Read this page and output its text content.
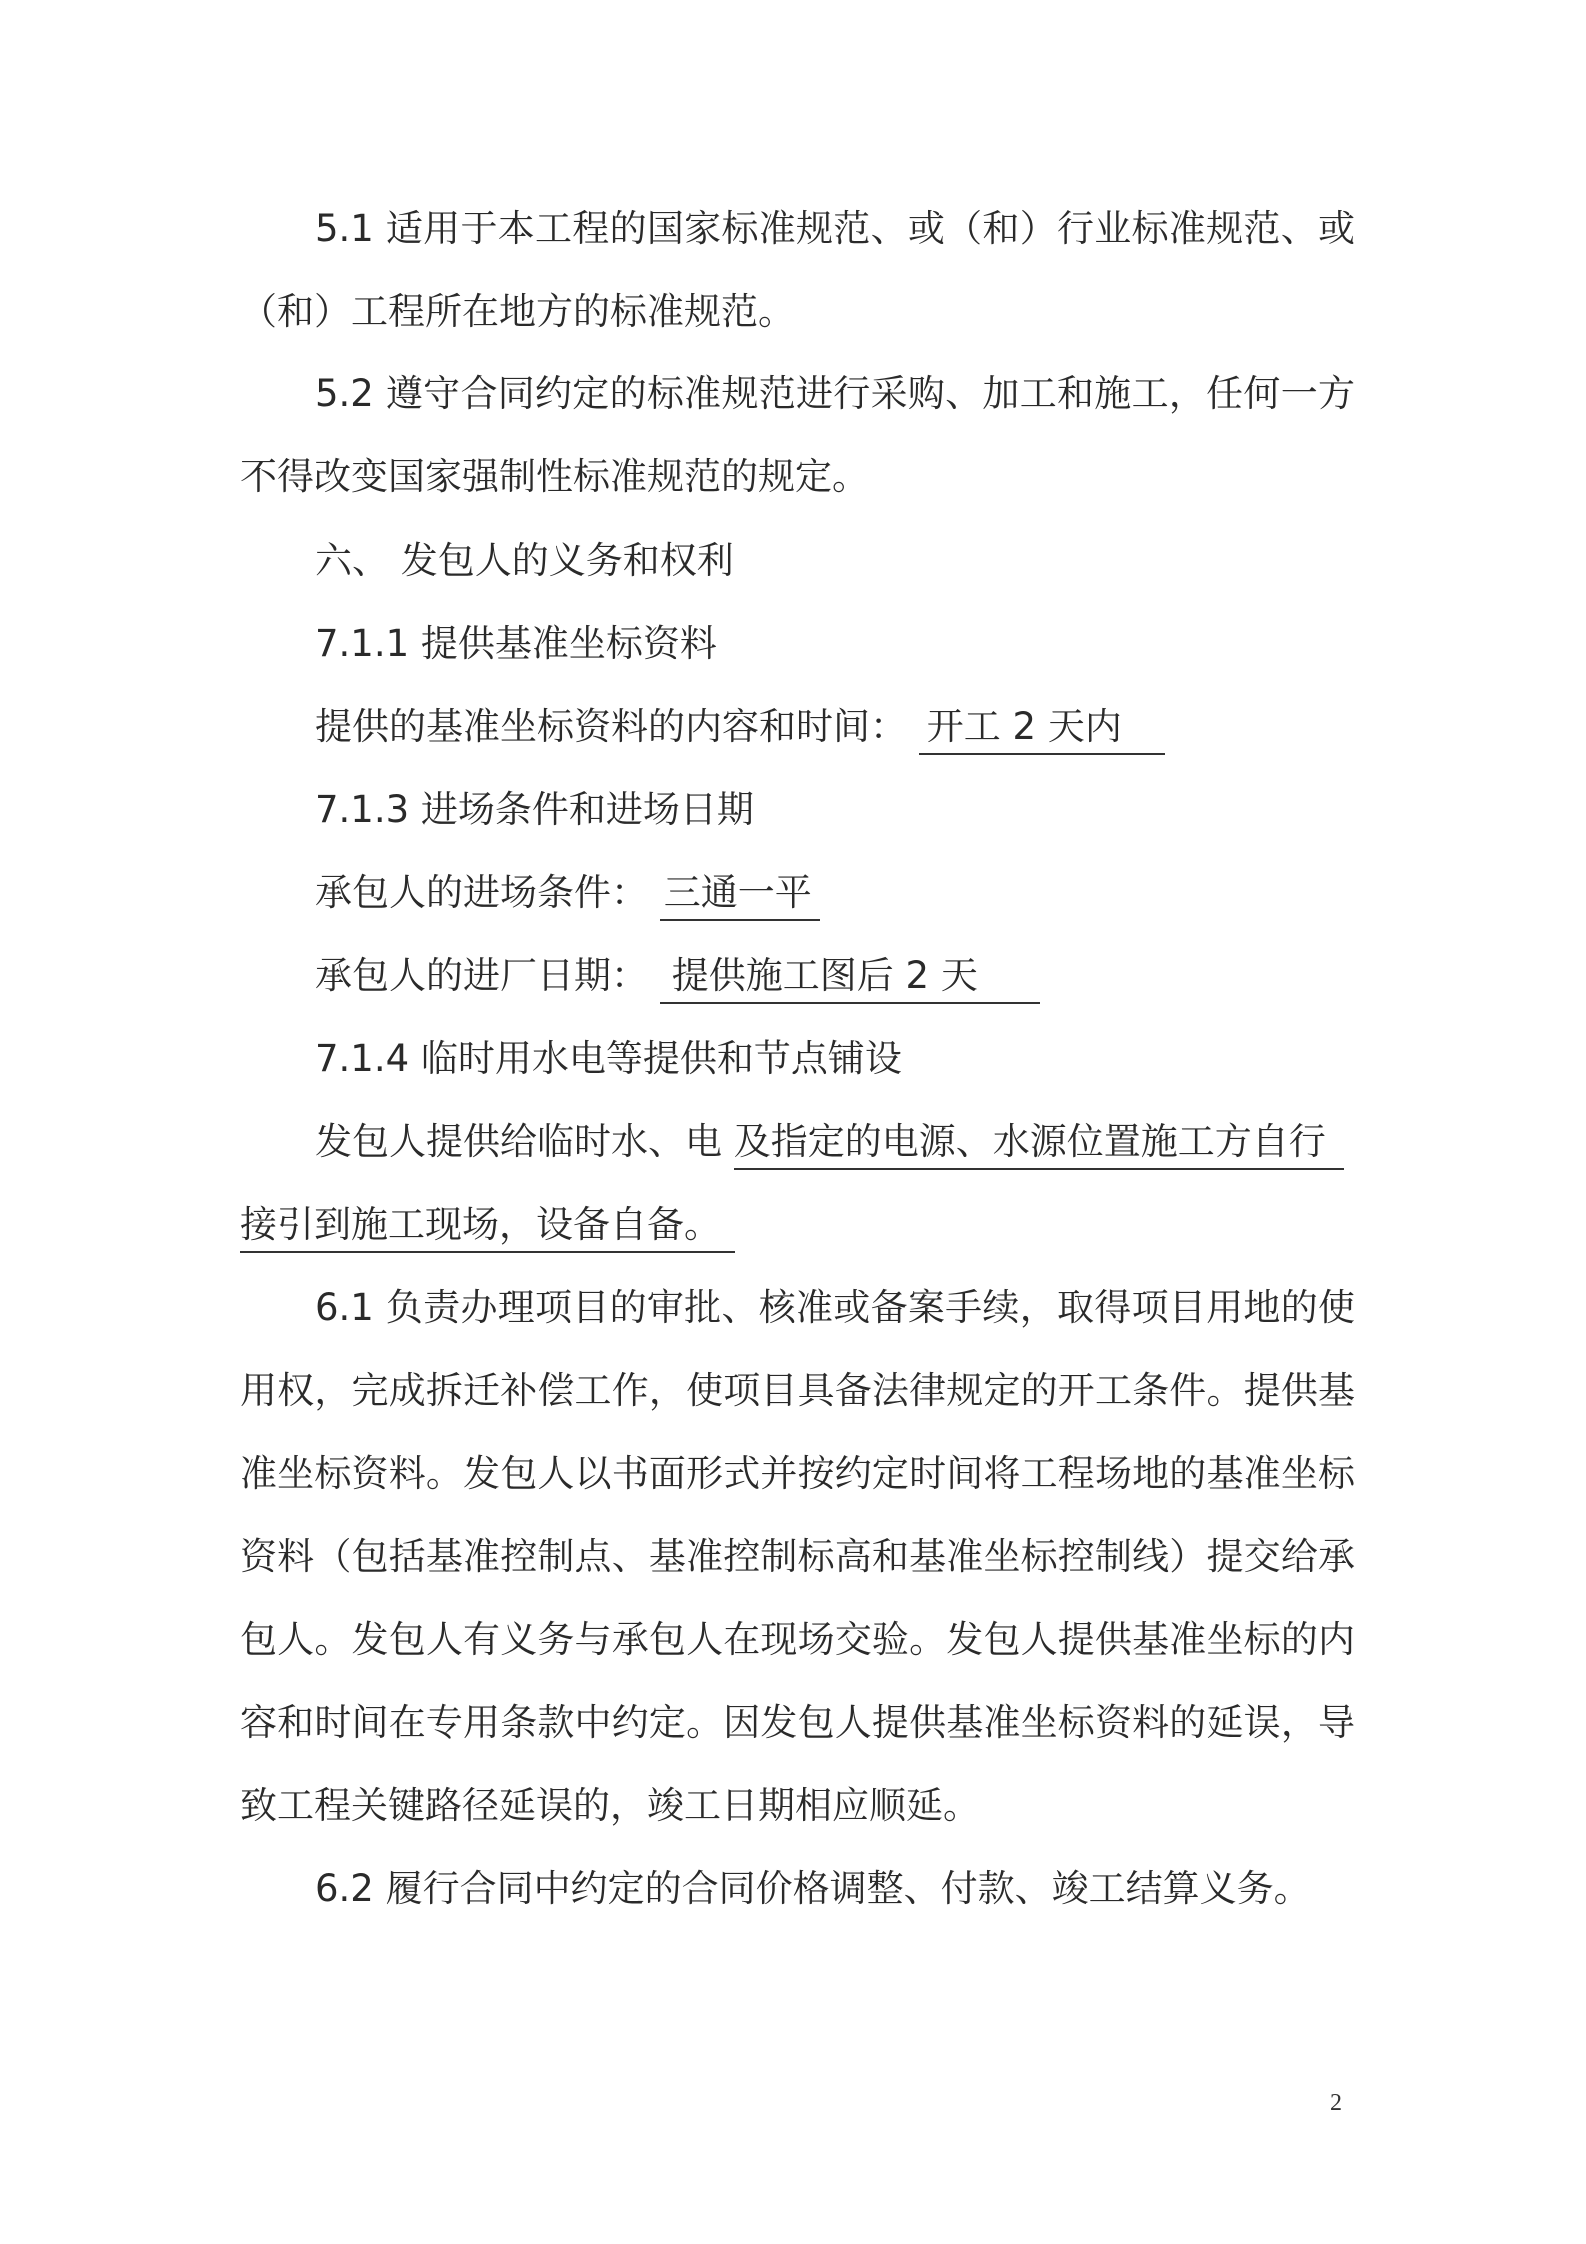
5.1 适用于本工程的国家标准规范、或（和）行业标准规范、或
（和）工程所在地方的标准规范。
5.2 遵守合同约定的标准规范进行采购、加工和施工，任何一方
不得改变国家强制性标准规范的规定。
六、 发包人的义务和权利
7.1.1 提供基准坐标资料
提供的基准坐标资料的内容和时间： 开工 2 天内
7.1.3 进场条件和进场日期
承包人的进场条件： 三通一平
承包人的进厂日期： 提供施工图后 2 天
7.1.4 临时用水电等提供和节点铺设
发包人提供给临时水、电 及指定的电源、水源位置施工方自行
接引到施工现场，设备自备。
6.1 负责办理项目的审批、核准或备案手续，取得项目用地的使
用权，完成拆迁补偿工作，使项目具备法律规定的开工条件。提供基
准坐标资料。发包人以书面形式并按约定时间将工程场地的基准坐标
资料（包括基准控制点、基准控制标高和基准坐标控制线）提交给承
包人。发包人有义务与承包人在现场交验。发包人提供基准坐标的内
容和时间在专用条款中约定。因发包人提供基准坐标资料的延误，导
致工程关键路径延误的，竣工日期相应顺延。
6.2 履行合同中约定的合同价格调整、付款、竣工结算义务。
2
